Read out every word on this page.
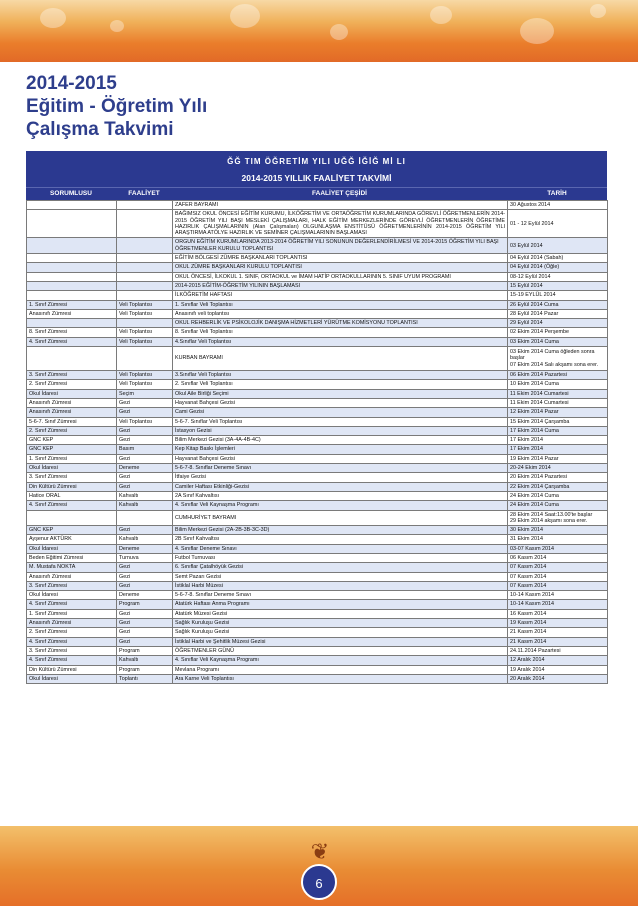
2014-2015
Eğitim - Öğretim Yılı
Çalışma Takvimi
ĞĞ TIM ÖĞRETİM YILI UĞĞ İĞİĞ Mİ LI
2014-2015 YILLIK FAALİYET TAKVİMİ
SORUMLUSU	FAALİYET	FAALİYET ÇEŞİDİ	TARİH
		ZAFER BAYRAMI	30 Ağustos 2014
		BAĞIMSIZ OKUL ÖNCESİ EĞİTİM KURUMU, İLKÖĞRETİM VE ORTAÖĞRETİM KURUMLARINDA GÖREVLİ ÖĞRETMENLERİN 2014-2015 ÖĞRETİM YILI BAŞI MESLEKİ ÇALIŞMALARI, HALK EĞİTİM MERKEZLERİNDE GÖREVLİ ÖĞRETMENLERİN ÖĞRETİME HAZIRLIK ÇALIŞMALARININ (Alan Çalışmaları) OLGUNLAŞMA ENSTİTÜSÜ ÖĞRETMENLERİNİN 2014-2015 ÖĞRETİM YILI ARAŞTIRMA ATÖLYE HAZIRLIK VE SEMİNER ÇALIŞMALARININ BAŞLAMASI	01 - 12 Eylül 2014
		ORGUN EĞİTİM KURUMLARINDA 2013-2014 ÖĞRETİM YILI SONUNUN DEĞERLENDİRİLMESİ VE 2014-2015 ÖĞRETİM YILI BAŞI ÖĞRETMENLER KURULU TOPLANTISI	03 Eylül 2014
		EĞİTİM BÖLGESİ ZÜMRE BAŞKANLARI TOPLANTISI	04 Eylül 2014 (Sabah)
		OKUL ZÜMRE BAŞKANLARI KURULU TOPLANTISI	04 Eylül 2014 (Öğle)
		OKUL ÖNCESİ, İLKOKUL 1. SINIF, ORTAOKUL ve İMAM HATİP ORTAOKULLARININ 5. SINIF UYUM PROGRAMI	08-12 Eylül 2014
		2014-2015 EĞİTİM-ÖĞRETİM YILININ BAŞLAMASI	15 Eylül 2014
		İLKÖĞRETİM HAFTASI	15-19 EYLÜL 2014
1. Sınıf Zümresi	Veli Toplantısı	1. Sınıflar Veli Toplantısı	26 Eylül 2014 Cuma
Anasınıfı Zümresi	Veli Toplantısı	Anasınıfı veli toplantısı	28 Eylül 2014 Pazar
		OKUL REHBERLİK VE PSİKOLOJİK DANIŞMA HİZMETLERİ YÜRÜTME KOMİSYONU TOPLANTISI	29 Eylül 2014
8. Sınıf Zümresi	Veli Toplantısı	8. Sınıflar Veli Toplantısı	02 Ekim 2014 Perşembe
4. Sınıf Zümresi	Veli Toplantısı	4.Sınıflar Veli Toplantısı	03 Ekim 2014 Cuma
		KURBAN BAYRAMI	03 Ekim 2014 Cuma öğleden sonra başlar
07 Ekim 2014 Salı akşamı sona erer.
3. Sınıf Zümresi	Veli Toplantısı	3.Sınıflar Veli Toplantısı	06 Ekim 2014 Pazartesi
2. Sınıf Zümresi	Veli Toplantısı	2. Sınıflar Veli Toplantısı	10 Ekim 2014 Cuma
Okul İdaresi	Seçim	Okul Aile Birliği Seçimi	11 Ekim 2014 Cumartesi
Anasınıfı Zümresi	Gezi	Hayvanat Bahçesi Gezisi	11 Ekim 2014 Cumartesi
Anasınıfı Zümresi	Gezi	Cami Gezisi	12 Ekim 2014 Pazar
5-6-7. Sınıf Zümresi	Veli Toplantısı	5-6-7. Sınıflar Veli Toplantısı	15 Ekim 2014 Çarşamba
2. Sınıf Zümresi	Gezi	İstasyon Gezisi	17 Ekim 2014 Cuma
GNC KEP	Gezi	Bilim Merkezi Gezisi (3A-4A-4B-4C)	17 Ekim 2014
GNC KEP	Basım	Kep Kitap Baskı İşlemleri	17 Ekim 2014
1. Sınıf Zümresi	Gezi	Hayvanat Bahçesi Gezisi	19 Ekim 2014 Pazar
Okul İdaresi	Deneme	5-6-7-8. Sınıflar Deneme Sınavı	20-24 Ekim 2014
3. Sınıf Zümresi	Gezi	İtfaiye Gezisi	20 Ekim 2014 Pazartesi
Din Kültürü Zümresi	Gezi	Camiler Haftası Etkinliği-Gezisi	22 Ekim 2014 Çarşamba
Hatice ORAL	Kahvaltı	2A Sınıf Kahvaltısı	24 Ekim 2014 Cuma
4. Sınıf Zümresi	Kahvaltı	4. Sınıflar Veli Kaynaşma Programı	24 Ekim 2014 Cuma
		CUMHURİYET BAYRAMI	28 Ekim 2014 Saat:13.00'te başlar
29 Ekim 2014 akşamı sona erer.
GNC KEP	Gezi	Bilim Merkezi Gezisi (2A-2B-3B-3C-3D)	30 Ekim 2014
Ayşenur AKTÜRK	Kahvaltı	2B Sınıf Kahvaltısı	31 Ekim 2014
Okul İdaresi	Deneme	4. Sınıflar Deneme Sınavı	03-07 Kasım 2014
Beden Eğitimi Zümresi	Turnuva	Futbol Turnuvası	06 Kasım 2014
M. Mustafa NOKTA	Gezi	6. Sınıflar Çatalhöyük Gezisi	07 Kasım 2014
Anasınıfı Zümresi	Gezi	Semt Pazarı Gezisi	07 Kasım 2014
3. Sınıf Zümresi	Gezi	İstiklal Harbi Müzesi	07 Kasım 2014
Okul İdaresi	Deneme	5-6-7-8. Sınıflar Deneme Sınavı	10-14 Kasım 2014
4. Sınıf Zümresi	Program	Atatürk Haftası Anma Programı	10-14 Kasım 2014
1. Sınıf Zümresi	Gezi	Atatürk Müzesi Gezisi	16 Kasım 2014
Anasınıfı Zümresi	Gezi	Sağlık Kuruluşu Gezisi	19 Kasım 2014
2. Sınıf Zümresi	Gezi	Sağlık Kuruluşu Gezisi	21 Kasım 2014
4. Sınıf Zümresi	Gezi	İstiklal Harbi ve Şehitlik Müzesi Gezisi	21 Kasım 2014
3. Sınıf Zümresi	Program	ÖĞRETMENLER GÜNÜ	24.11.2014 Pazartesi
4. Sınıf Zümresi	Kahvaltı	4. Sınıflar Veli Kaynaşma Programı	12 Aralık 2014
Din Kültürü Zümresi	Program	Mevlana Programı	19 Aralık 2014
Okul İdaresi	Toplantı	Ara Karne Veli Toplantısı	20 Aralık 2014
❦
6
